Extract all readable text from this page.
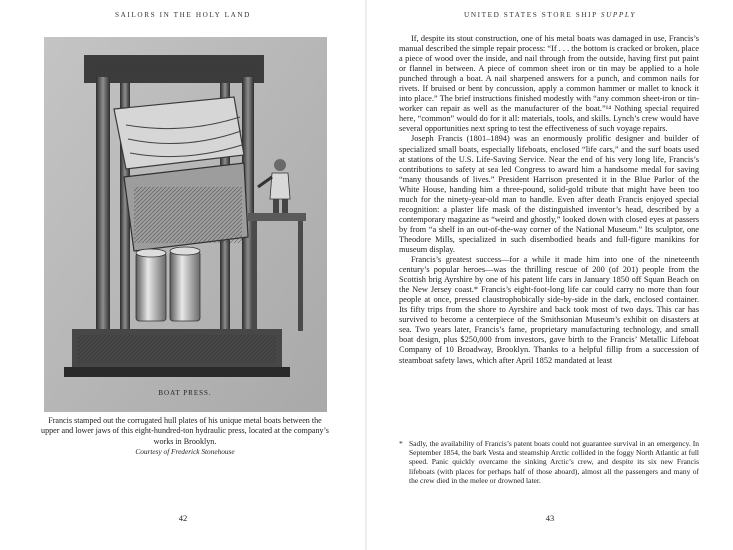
SAILORS IN THE HOLY LAND
BOAT PRESS.
Francis stamped out the corrugated hull plates of his unique metal boats between the upper and lower jaws of this eight-hundred-ton hydraulic press, located at the company’s works in Brooklyn.
Courtesy of Frederick Stonehouse
42
UNITED STATES STORE SHIP SUPPLY

If, despite its stout construction, one of his metal boats was damaged in use, Francis’s manual described the simple repair process: “If . . . the bottom is cracked or broken, place a piece of wood over the inside, and nail through from the outside, having first put paint or flannel in between. A piece of common sheet iron or tin may be applied to a hole punched through a boat. A nail sharpened answers for a punch, and common nails for rivets. If bruised or bent by concussion, apply a common hammer or mallet to knock it into place.” The brief instructions finished modestly with “any common sheet-iron or tin-worker can repair as well as the manufacturer of the boat.”¹⁴ Nothing special required here, “common” would do for it all: materials, tools, and skills. Lynch’s crew would have several opportunities next spring to test the effectiveness of such voyage repairs.

Joseph Francis (1801–1894) was an enormously prolific designer and builder of specialized small boats, especially lifeboats, enclosed “life cars,” and the surf boats used at stations of the U.S. Life-Saving Service. Near the end of his very long life, Francis’s contributions to safety at sea led Congress to award him a handsome medal for saving “many thousands of lives.” President Harrison presented it in the Blue Parlor of the White House, handing him a three-pound, solid-gold tribute that might have been too much for the ninety-year-old man to handle. Even after death Francis enjoyed special recognition: a plaster life mask of the distinguished inventor’s head, described by a contemporary magazine as “weird and ghostly,” looked down with closed eyes at passers by from “a shelf in an out-of-the-way corner of the National Museum.” Its sculptor, one Theodore Mills, specialized in such disembodied heads and full-figure manikins for museum display.

Francis’s greatest success—for a while it made him into one of the nineteenth century’s popular heroes—was the thrilling rescue of 200 (of 201) people from the Scottish brig Ayrshire by one of his patent life cars in January 1850 off Squan Beach on the New Jersey coast.* Francis’s eight-foot-long life car could carry no more than four people at once, pressed claustrophobically side-by-side in the dark, enclosed container. Its fifty trips from the shore to Ayrshire and back took most of two days. This car has survived to become a centerpiece of the Smithsonian Museum’s exhibit on disasters at sea. Two years later, Francis’s fame, proprietary manufacturing technology, and small boat design, plus $250,000 from investors, gave birth to the Francis’ Metallic Lifeboat Company of 10 Broadway, Brooklyn. Thanks to a helpful fillip from a succession of steamboat safety laws, which after April 1852 mandated at least

* Sadly, the availability of Francis’s patent boats could not guarantee survival in an emergency. In September 1854, the bark Vesta and steamship Arctic collided in the foggy North Atlantic at full speed. Panic quickly overcame the sinking Arctic’s crew, and despite its six new Francis lifeboats (with places for perhaps half of those aboard), almost all the passengers and many of the crew died in the melee or drowned later.
43
